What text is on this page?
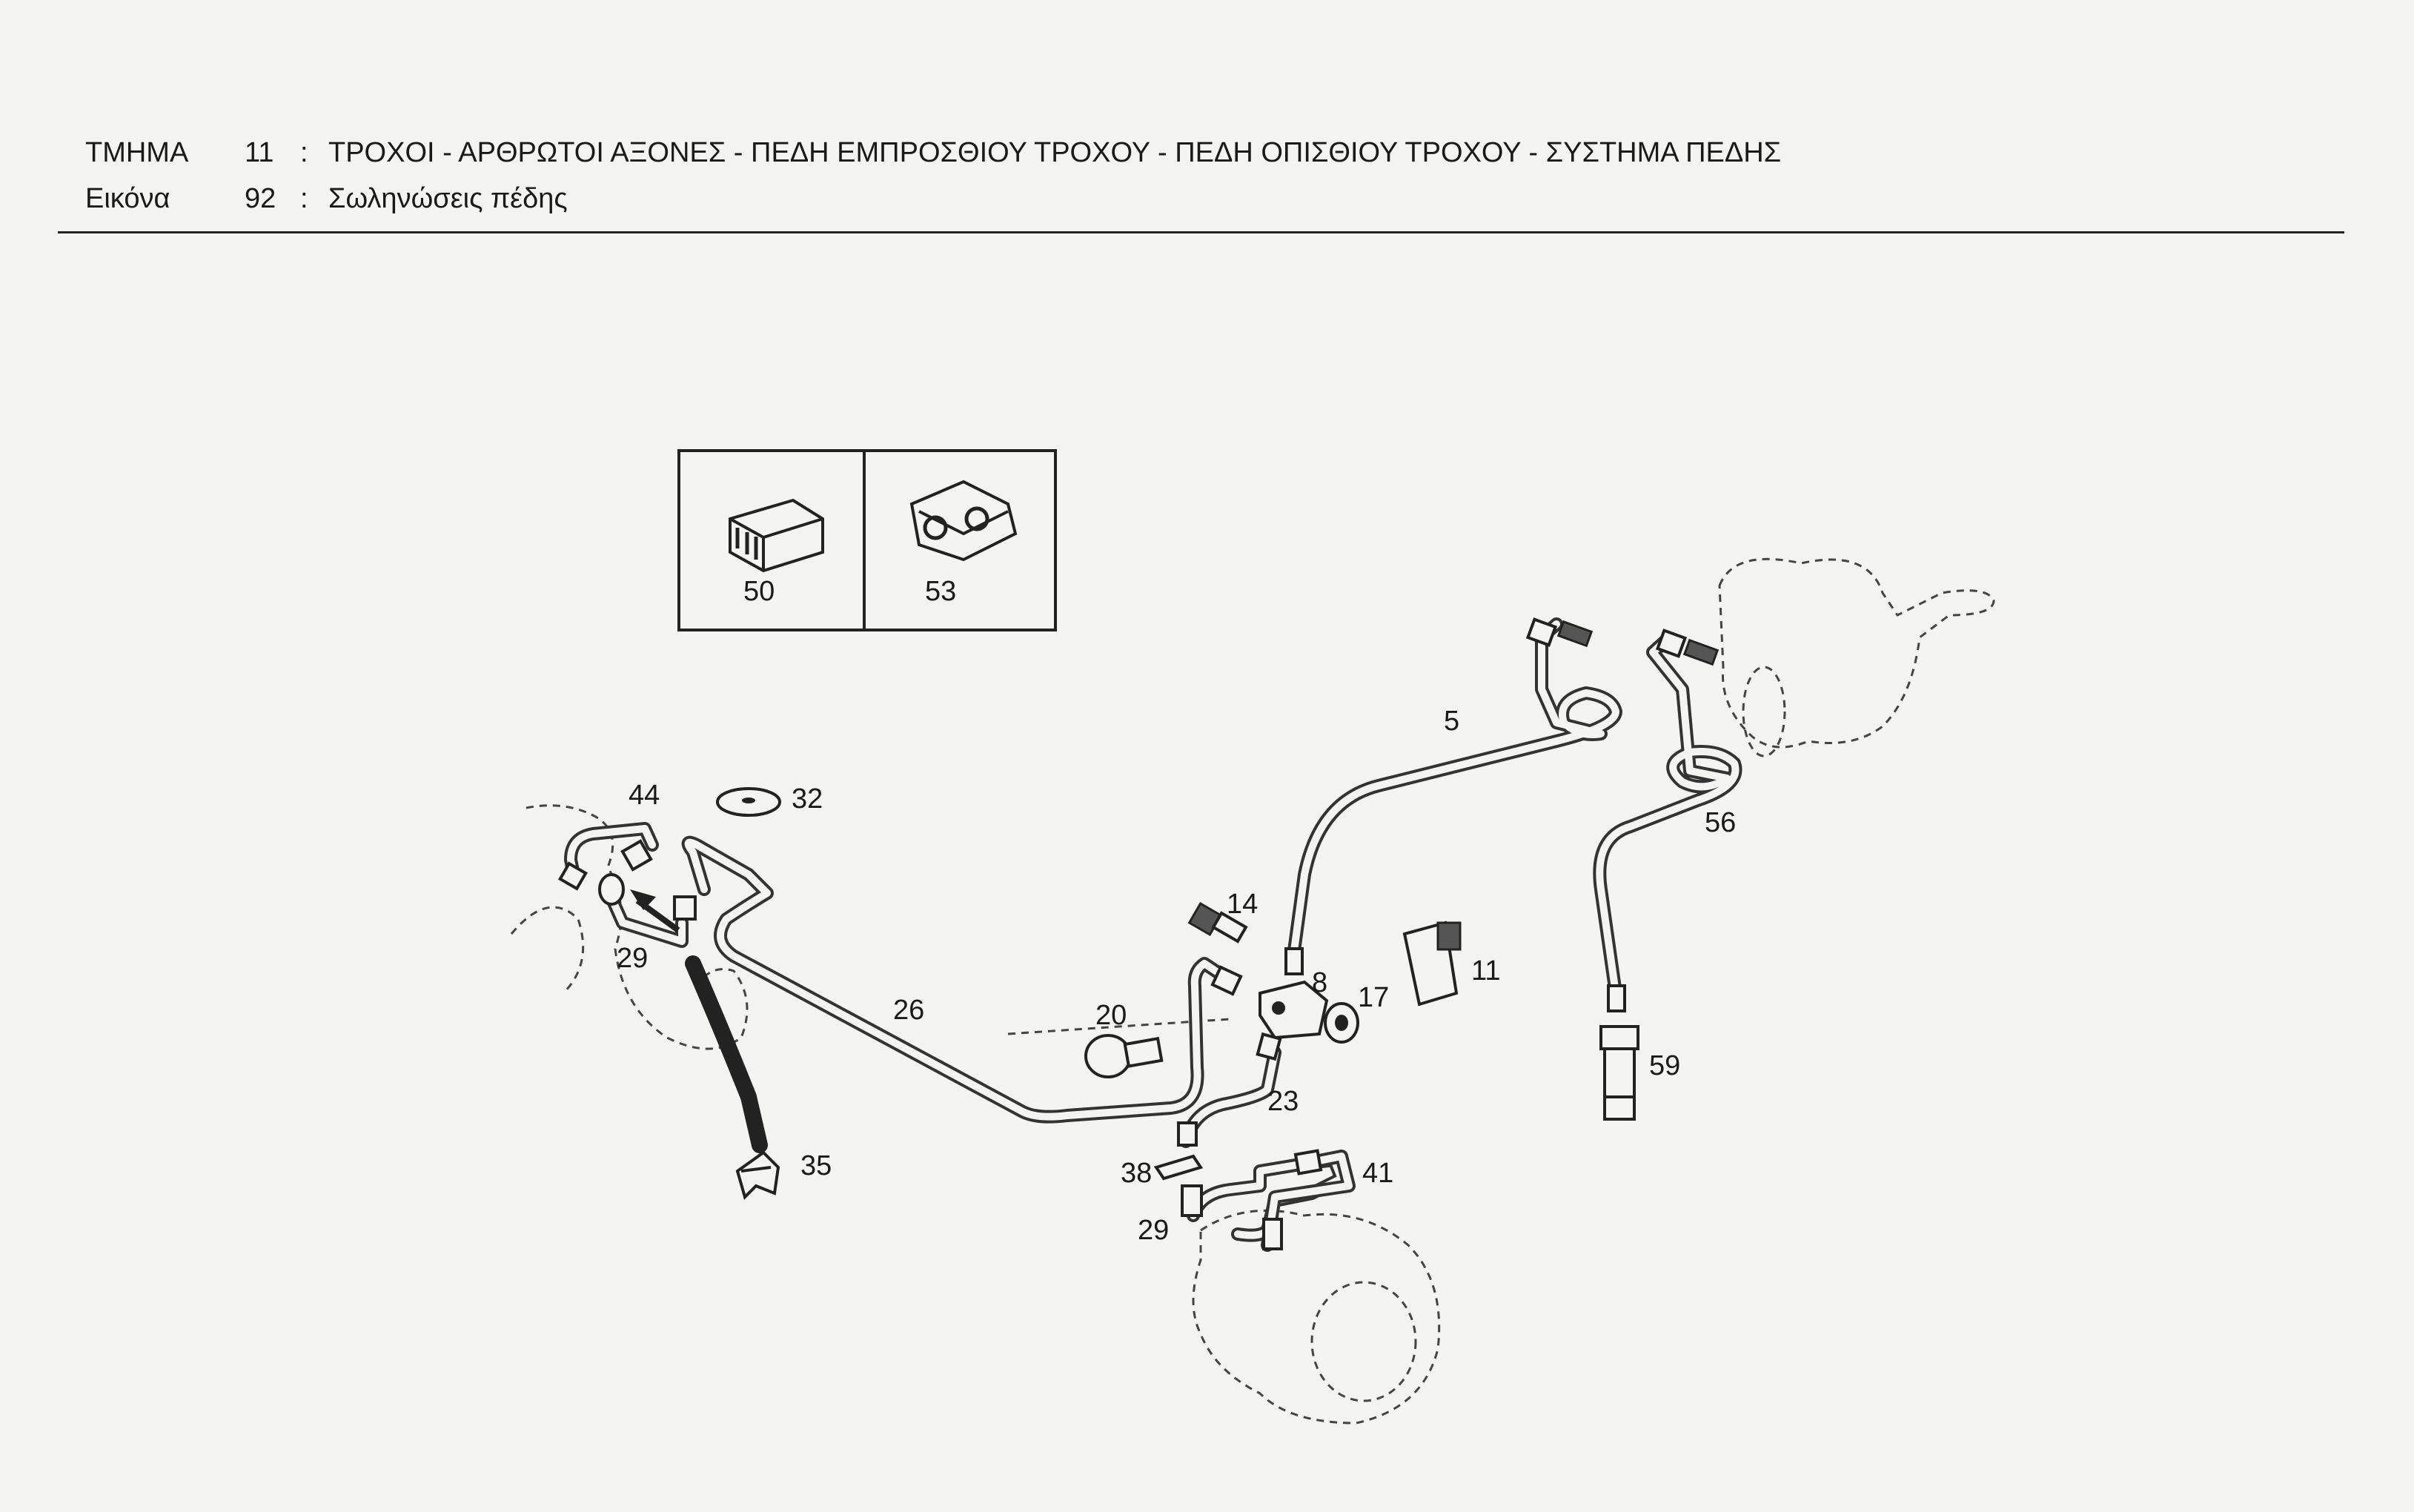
ΤΜΗΜΑ	11 : ΤΡΟΧΟΙ - ΑΡΘΡΩΤΟΙ ΑΞΟΝΕΣ - ΠΕΔΗ ΕΜΠΡΟΣΘΙΟΥ ΤΡΟΧΟΥ - ΠΕΔΗ ΟΠΙΣΘΙΟΥ ΤΡΟΧΟΥ - ΣΥΣΤΗΜΑ ΠΕΔΗΣ
Εικόνα	92 : Σωληνώσεις πέδης
50	53
5
8	11
14
17
20
23
26
29
29
32
35	38	41
44
56
59
